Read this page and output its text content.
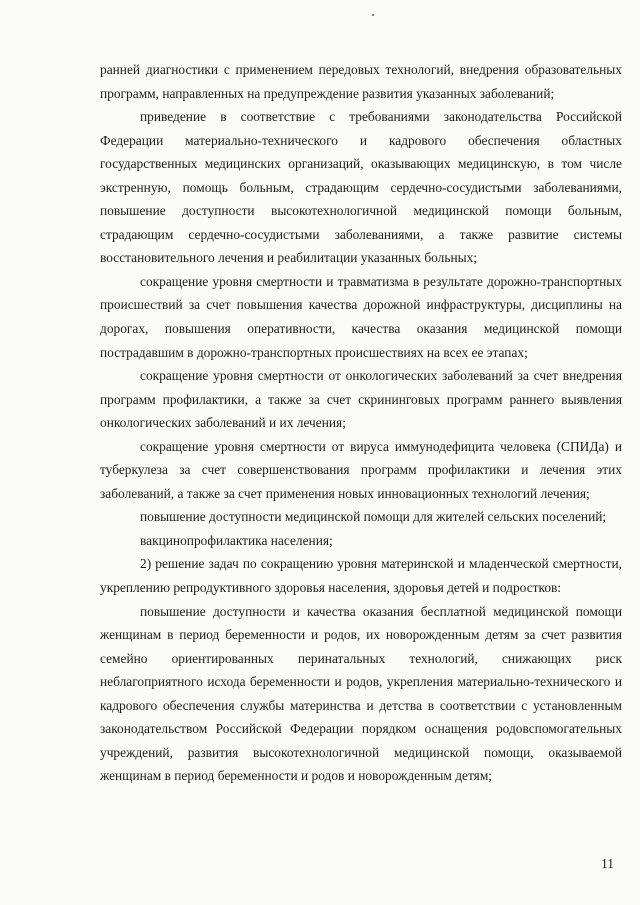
ранней диагностики с применением передовых технологий, внедрения образовательных программ, направленных на предупреждение развития указанных заболеваний;

приведение в соответствие с требованиями законодательства Российской Федерации материально-технического и кадрового обеспечения областных государственных медицинских организаций, оказывающих медицинскую, в том числе экстренную, помощь больным, страдающим сердечно-сосудистыми заболеваниями, повышение доступности высокотехнологичной медицинской помощи больным, страдающим сердечно-сосудистыми заболеваниями, а также развитие системы восстановительного лечения и реабилитации указанных больных;

сокращение уровня смертности и травматизма в результате дорожно-транспортных происшествий за счет повышения качества дорожной инфраструктуры, дисциплины на дорогах, повышения оперативности, качества оказания медицинской помощи пострадавшим в дорожно-транспортных происшествиях на всех ее этапах;

сокращение уровня смертности от онкологических заболеваний за счет внедрения программ профилактики, а также за счет скрининговых программ раннего выявления онкологических заболеваний и их лечения;

сокращение уровня смертности от вируса иммунодефицита человека (СПИДа) и туберкулеза за счет совершенствования программ профилактики и лечения этих заболеваний, а также за счет применения новых инновационных технологий лечения;

повышение доступности медицинской помощи для жителей сельских поселений;

вакцинопрофилактика населения;

2) решение задач по сокращению уровня материнской и младенческой смертности, укреплению репродуктивного здоровья населения, здоровья детей и подростков:

повышение доступности и качества оказания бесплатной медицинской помощи женщинам в период беременности и родов, их новорожденным детям за счет развития семейно ориентированных перинатальных технологий, снижающих риск неблагоприятного исхода беременности и родов, укрепления материально-технического и кадрового обеспечения службы материнства и детства в соответствии с установленным законодательством Российской Федерации порядком оснащения родовспомогательных учреждений, развития высокотехнологичной медицинской помощи, оказываемой женщинам в период беременности и родов и новорожденным детям;

11
